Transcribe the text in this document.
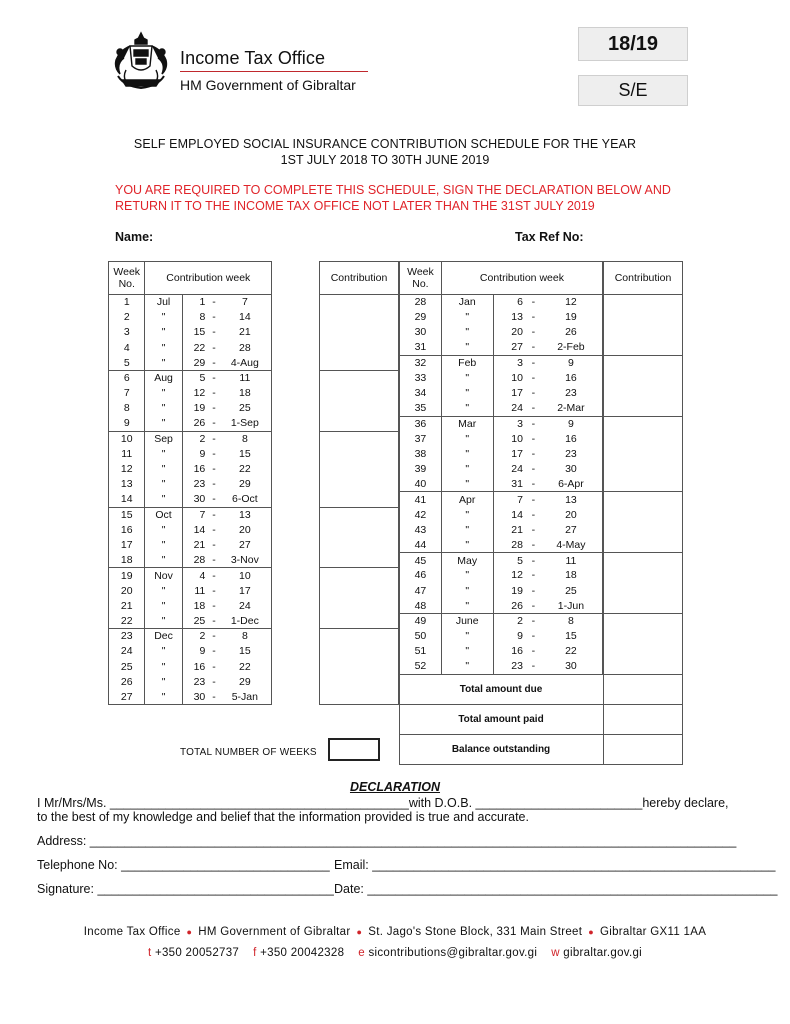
Income Tax Office
HM Government of Gibraltar
18/19
S/E
SELF EMPLOYED SOCIAL INSURANCE CONTRIBUTION SCHEDULE FOR THE YEAR
1ST JULY 2018 TO 30TH JUNE 2019
YOU ARE REQUIRED TO COMPLETE THIS SCHEDULE, SIGN THE DECLARATION BELOW AND
RETURN IT TO THE INCOME TAX OFFICE NOT LATER THAN THE 31ST JULY 2019
Name:	Tax Ref No:
Week
No.	Contribution week			
1	Jul	1	-	7
2	"	8	-	14
3	"	15	-	21
4	"	22	-	28
5	"	29	-	4-Aug
6	Aug	5	-	11
7	"	12	-	18
8	"	19	-	25
9	"	26	-	1-Sep
10	Sep	2	-	8
11	"	9	-	15
12	"	16	-	22
13	"	23	-	29
14	"	30	-	6-Oct
15	Oct	7	-	13
16	"	14	-	20
17	"	21	-	27
18	"	28	-	3-Nov
19	Nov	4	-	10
20	"	11	-	17
21	"	18	-	24
22	"	25	-	1-Dec
23	Dec	2	-	8
24	"	9	-	15
25	"	16	-	22
26	"	23	-	29
27	"	30	-	5-Jan
Contribution Week
No.	Contribution week			
28	Jan	6	-	12
29	"	13	-	19
30	"	20	-	26
31	"	27	-	2-Feb
32	Feb	3	-	9
33	"	10	-	16
34	"	17	-	23
35	"	24	-	2-Mar
36	Mar	3	-	9
37	"	10	-	16
38	"	17	-	23
39	"	24	-	30
40	"	31	-	6-Apr
41	Apr	7	-	13
42	"	14	-	20
43	"	21	-	27
44	"	28	-	4-May
45	May	5	-	11
46	"	12	-	18
47	"	19	-	25
48	"	26	-	1-Jun
49	June	2	-	8
50	"	9	-	15
51	"	16	-	22
52	"	23	-	30
Contribution

Total amount due
Total amount paid
Balance outstanding
TOTAL NUMBER OF WEEKS
DECLARATION
I Mr/Mrs/Ms. ___________________________________________with D.O.B. ________________________hereby declare,
to the best of my knowledge and belief that the information provided is true and accurate.
Address: _____________________________________________________________________________________________
Telephone No: ______________________________ Email: __________________________________________________________
Signature: __________________________________ Date: ___________________________________________________________
Income Tax Office ● HM Government of Gibraltar ● St. Jago's Stone Block, 331 Main Street ● Gibraltar GX11 1AA
t +350 20052737 f +350 20042328 e sicontributions@gibraltar.gov.gi w gibraltar.gov.gi
